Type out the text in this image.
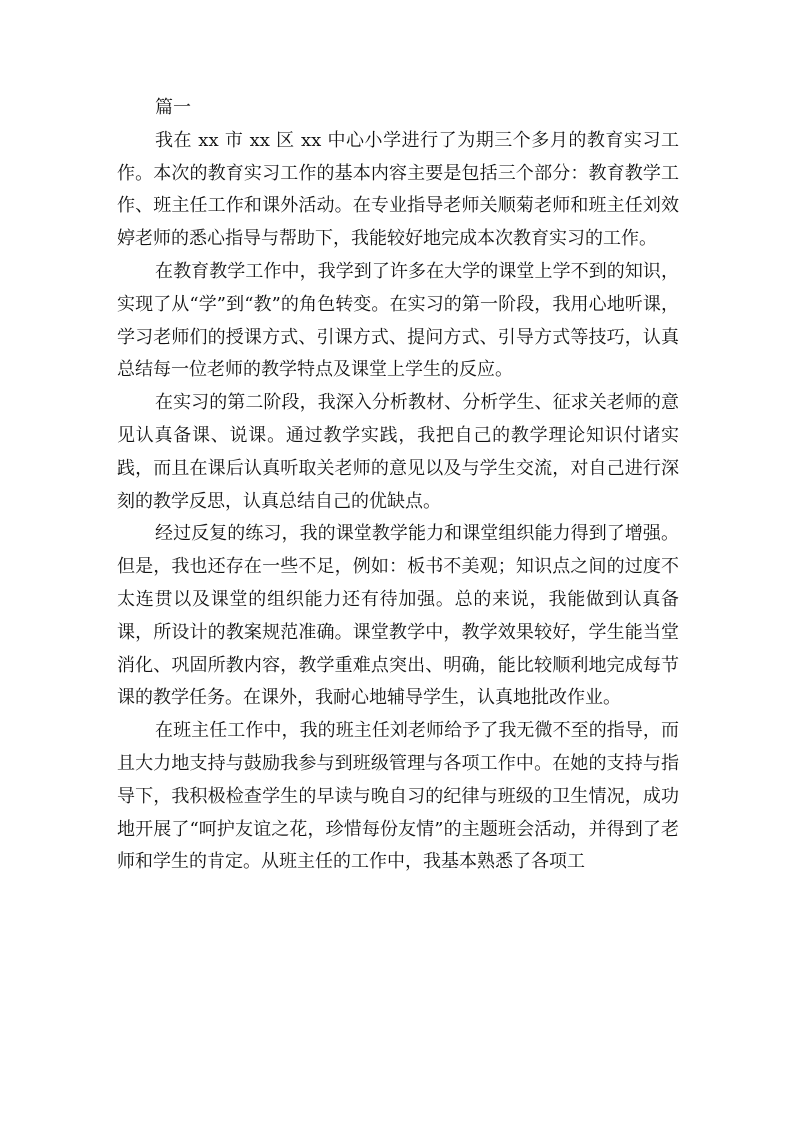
篇一

我在 xx 市 xx 区 xx 中心小学进行了为期三个多月的教育实习工作。本次的教育实习工作的基本内容主要是包括三个部分：教育教学工作、班主任工作和课外活动。在专业指导老师关顺菊老师和班主任刘效婷老师的悉心指导与帮助下，我能较好地完成本次教育实习的工作。

在教育教学工作中，我学到了许多在大学的课堂上学不到的知识，实现了从“学”到“教”的角色转变。在实习的第一阶段，我用心地听课，学习老师们的授课方式、引课方式、提问方式、引导方式等技巧，认真总结每一位老师的教学特点及课堂上学生的反应。

在实习的第二阶段，我深入分析教材、分析学生、征求关老师的意见认真备课、说课。通过教学实践，我把自己的教学理论知识付诸实践，而且在课后认真听取关老师的意见以及与学生交流，对自己进行深刻的教学反思，认真总结自己的优缺点。

经过反复的练习，我的课堂教学能力和课堂组织能力得到了增强。但是，我也还存在一些不足，例如：板书不美观；知识点之间的过度不太连贯以及课堂的组织能力还有待加强。总的来说，我能做到认真备课，所设计的教案规范准确。课堂教学中，教学效果较好，学生能当堂消化、巩固所教内容，教学重难点突出、明确，能比较顺利地完成每节课的教学任务。在课外，我耐心地辅导学生，认真地批改作业。

在班主任工作中，我的班主任刘老师给予了我无微不至的指导，而且大力地支持与鼓励我参与到班级管理与各项工作中。在她的支持与指导下，我积极检查学生的早读与晚自习的纪律与班级的卫生情况，成功地开展了“呵护友谊之花，珍惜每份友情”的主题班会活动，并得到了老师和学生的肯定。从班主任的工作中，我基本熟悉了各项工
